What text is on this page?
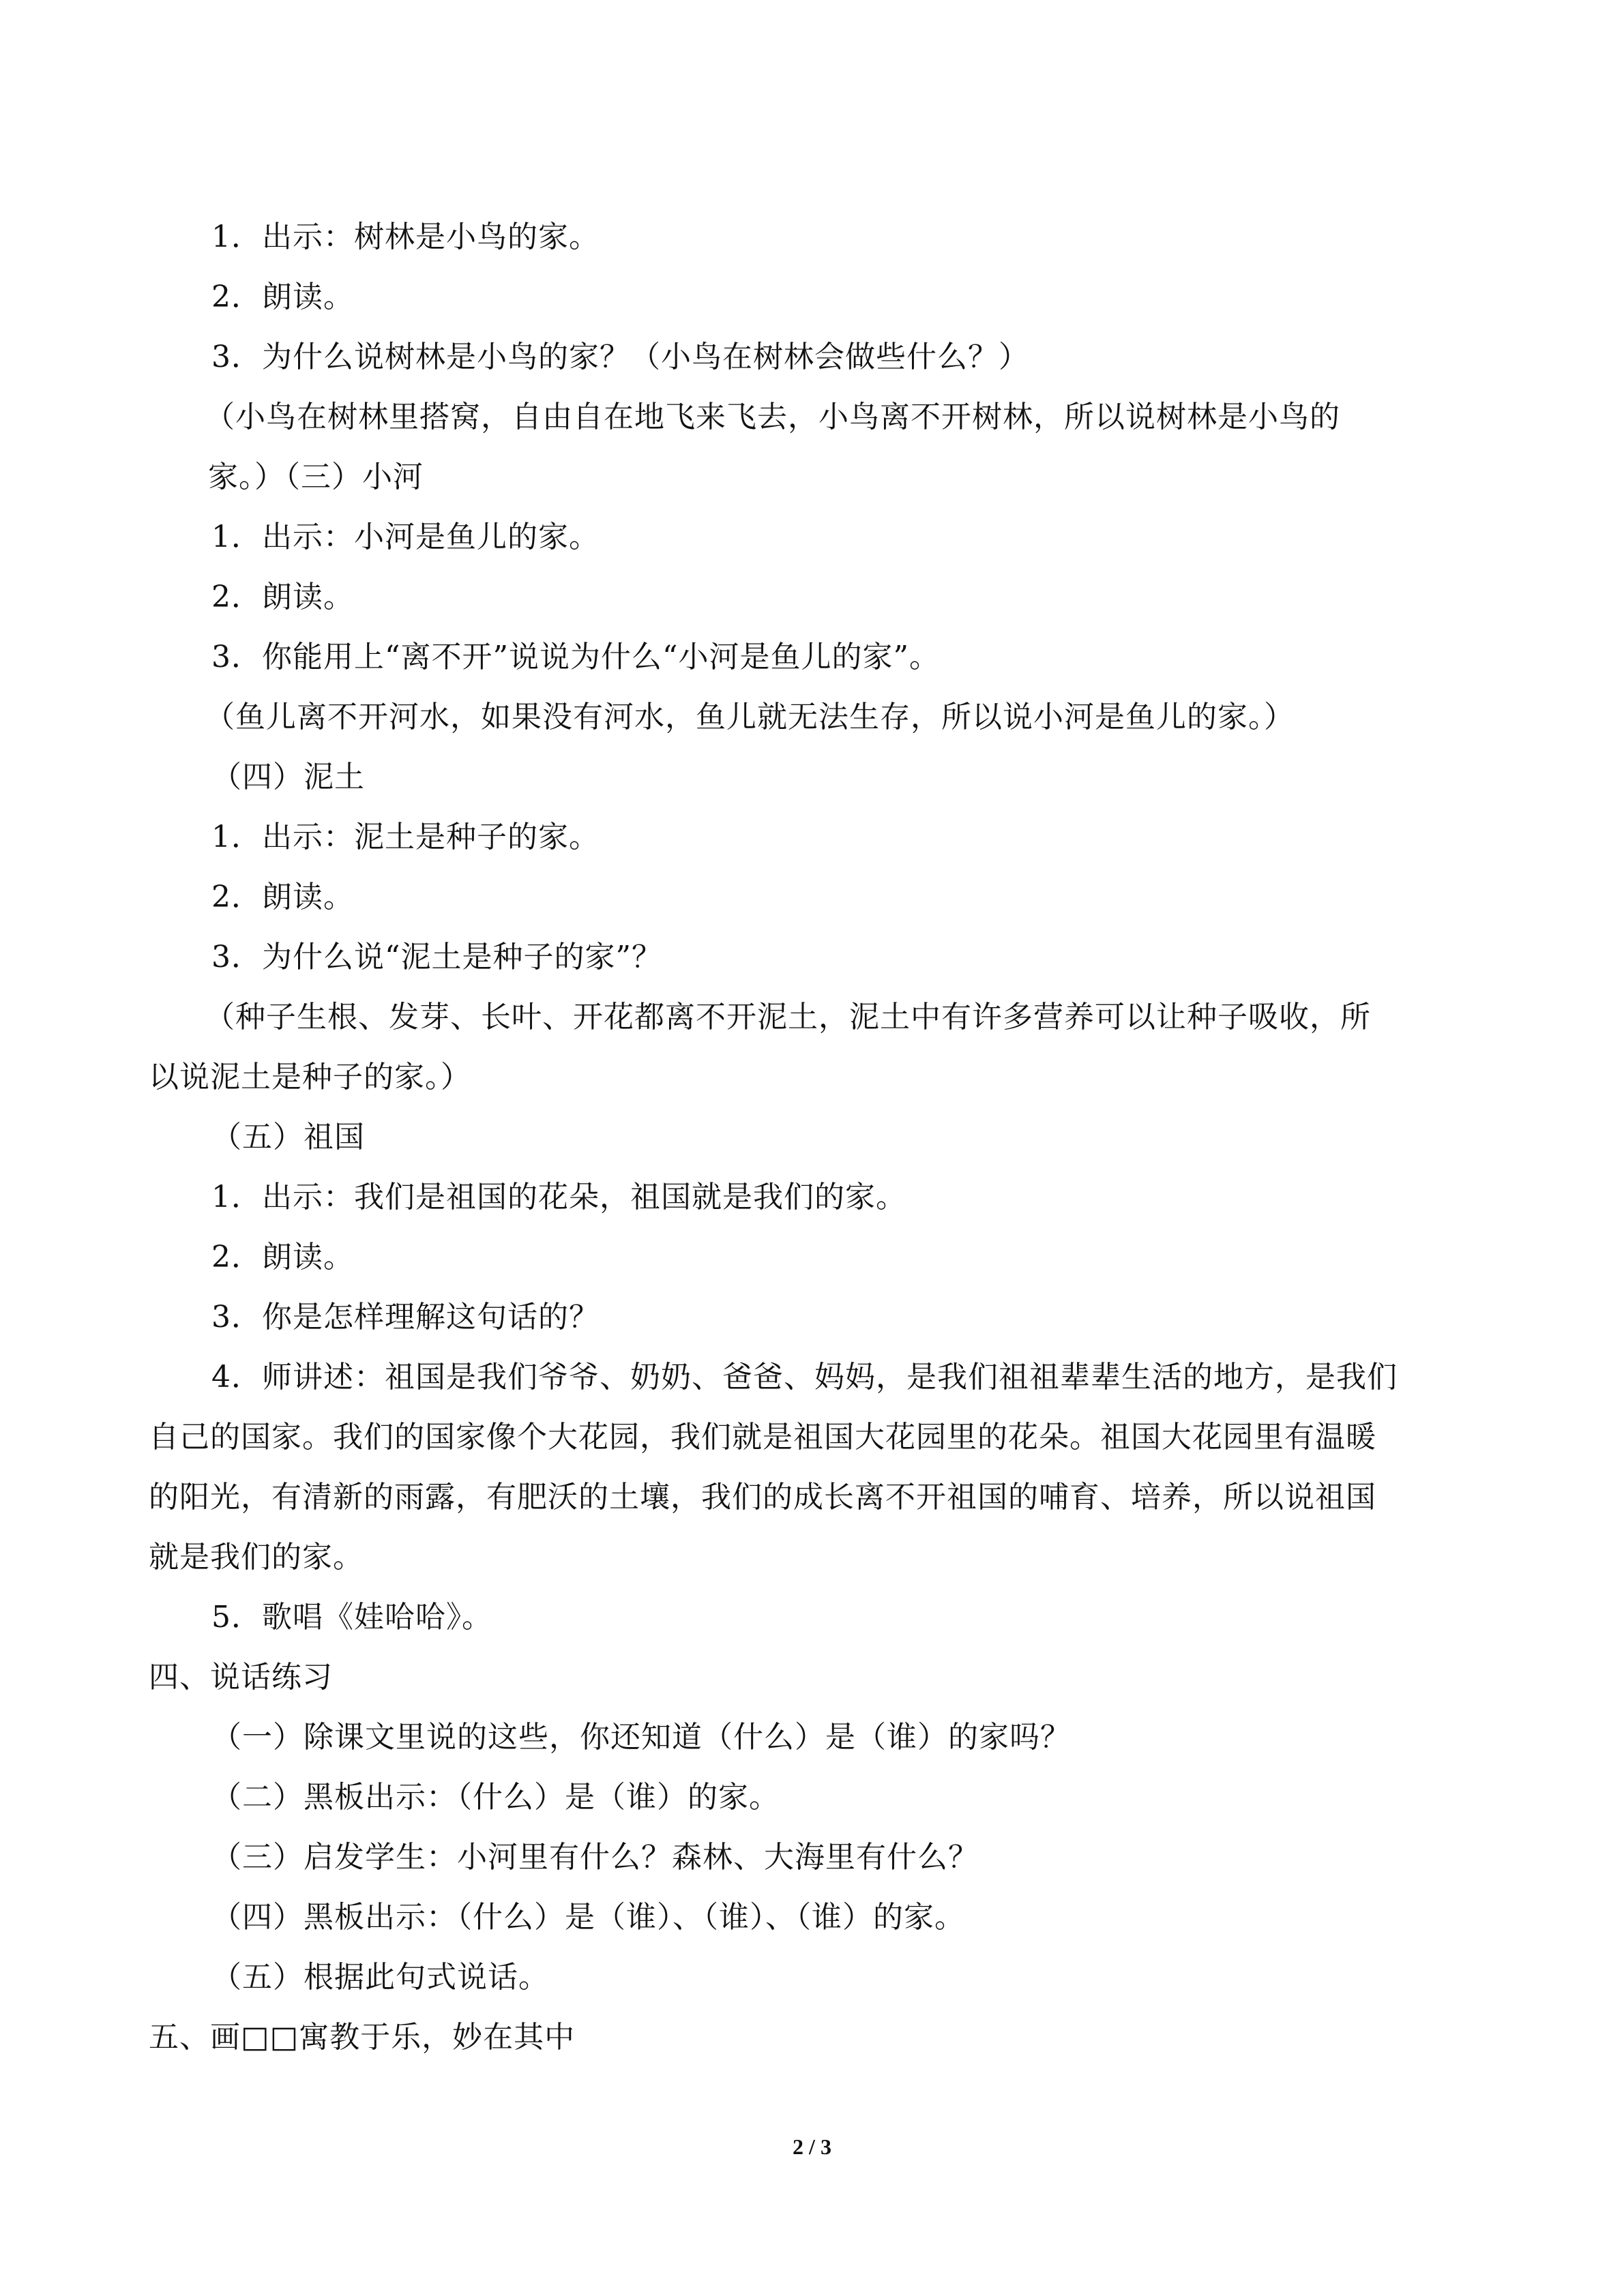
1．出示：树林是小鸟的家。
2．朗读。
3．为什么说树林是小鸟的家？（小鸟在树林会做些什么？）
（小鸟在树林里搭窝，自由自在地飞来飞去，小鸟离不开树林，所以说树林是小鸟的
家。）（三）小河
1．出示：小河是鱼儿的家。
2．朗读。
3．你能用上“离不开”说说为什么“小河是鱼儿的家”。
（鱼儿离不开河水，如果没有河水，鱼儿就无法生存，所以说小河是鱼儿的家。）
（四）泥土
1．出示：泥土是种子的家。
2．朗读。
3．为什么说“泥土是种子的家”？
（种子生根、发芽、长叶、开花都离不开泥土，泥土中有许多营养可以让种子吸收，所
以说泥土是种子的家。）
（五）祖国
1．出示：我们是祖国的花朵，祖国就是我们的家。
2．朗读。
3．你是怎样理解这句话的？
4．师讲述：祖国是我们爷爷、奶奶、爸爸、妈妈，是我们祖祖辈辈生活的地方，是我们
自己的国家。我们的国家像个大花园，我们就是祖国大花园里的花朵。祖国大花园里有温暖
的阳光，有清新的雨露，有肥沃的土壤，我们的成长离不开祖国的哺育、培养，所以说祖国
就是我们的家。
5．歌唱《娃哈哈》。
四、说话练习
（一）除课文里说的这些，你还知道（什么）是（谁）的家吗？
（二）黑板出示：（什么）是（谁）的家。
（三）启发学生：小河里有什么？森林、大海里有什么？
（四）黑板出示：（什么）是（谁）、（谁）、（谁）的家。
（五）根据此句式说话。
五、画□□寓教于乐，妙在其中
2 / 3
